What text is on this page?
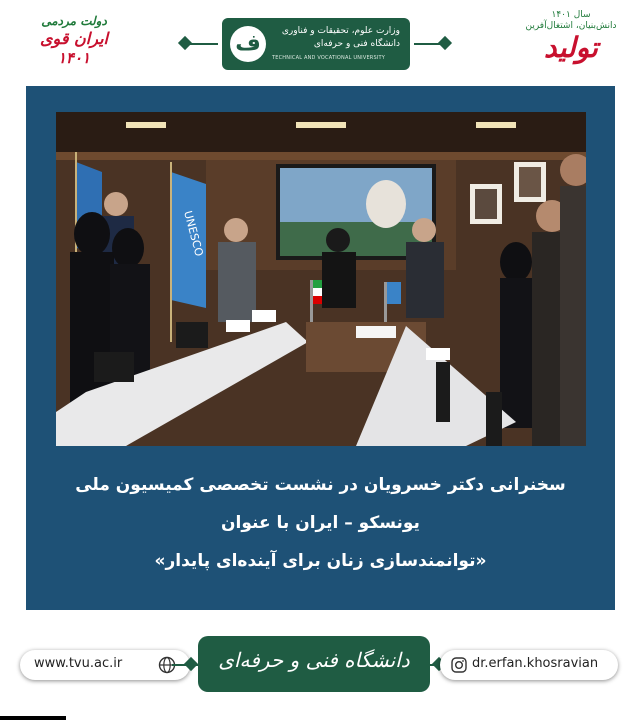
دولت مردمی
ایران قوی
۱۴۰۱
ف	وزارت علوم، تحقیقات و فناوری
دانشگاه فنی و حرفه‌ای
TECHNICAL AND VOCATIONAL UNIVERSITY
سال ۱۴۰۱
دانش‌بنیان، اشتغال‌آفرین
تولید
UNESCO
سخنرانی دکتر خسرویان در نشست تخصصی کمیسیون ملی
یونسکو – ایران با عنوان
«توانمندسازی زنان برای آینده‌ای پایدار»
www.tvu.ac.ir	دانشگاه فنی و حرفه‌ای	dr.erfan.khosravian
